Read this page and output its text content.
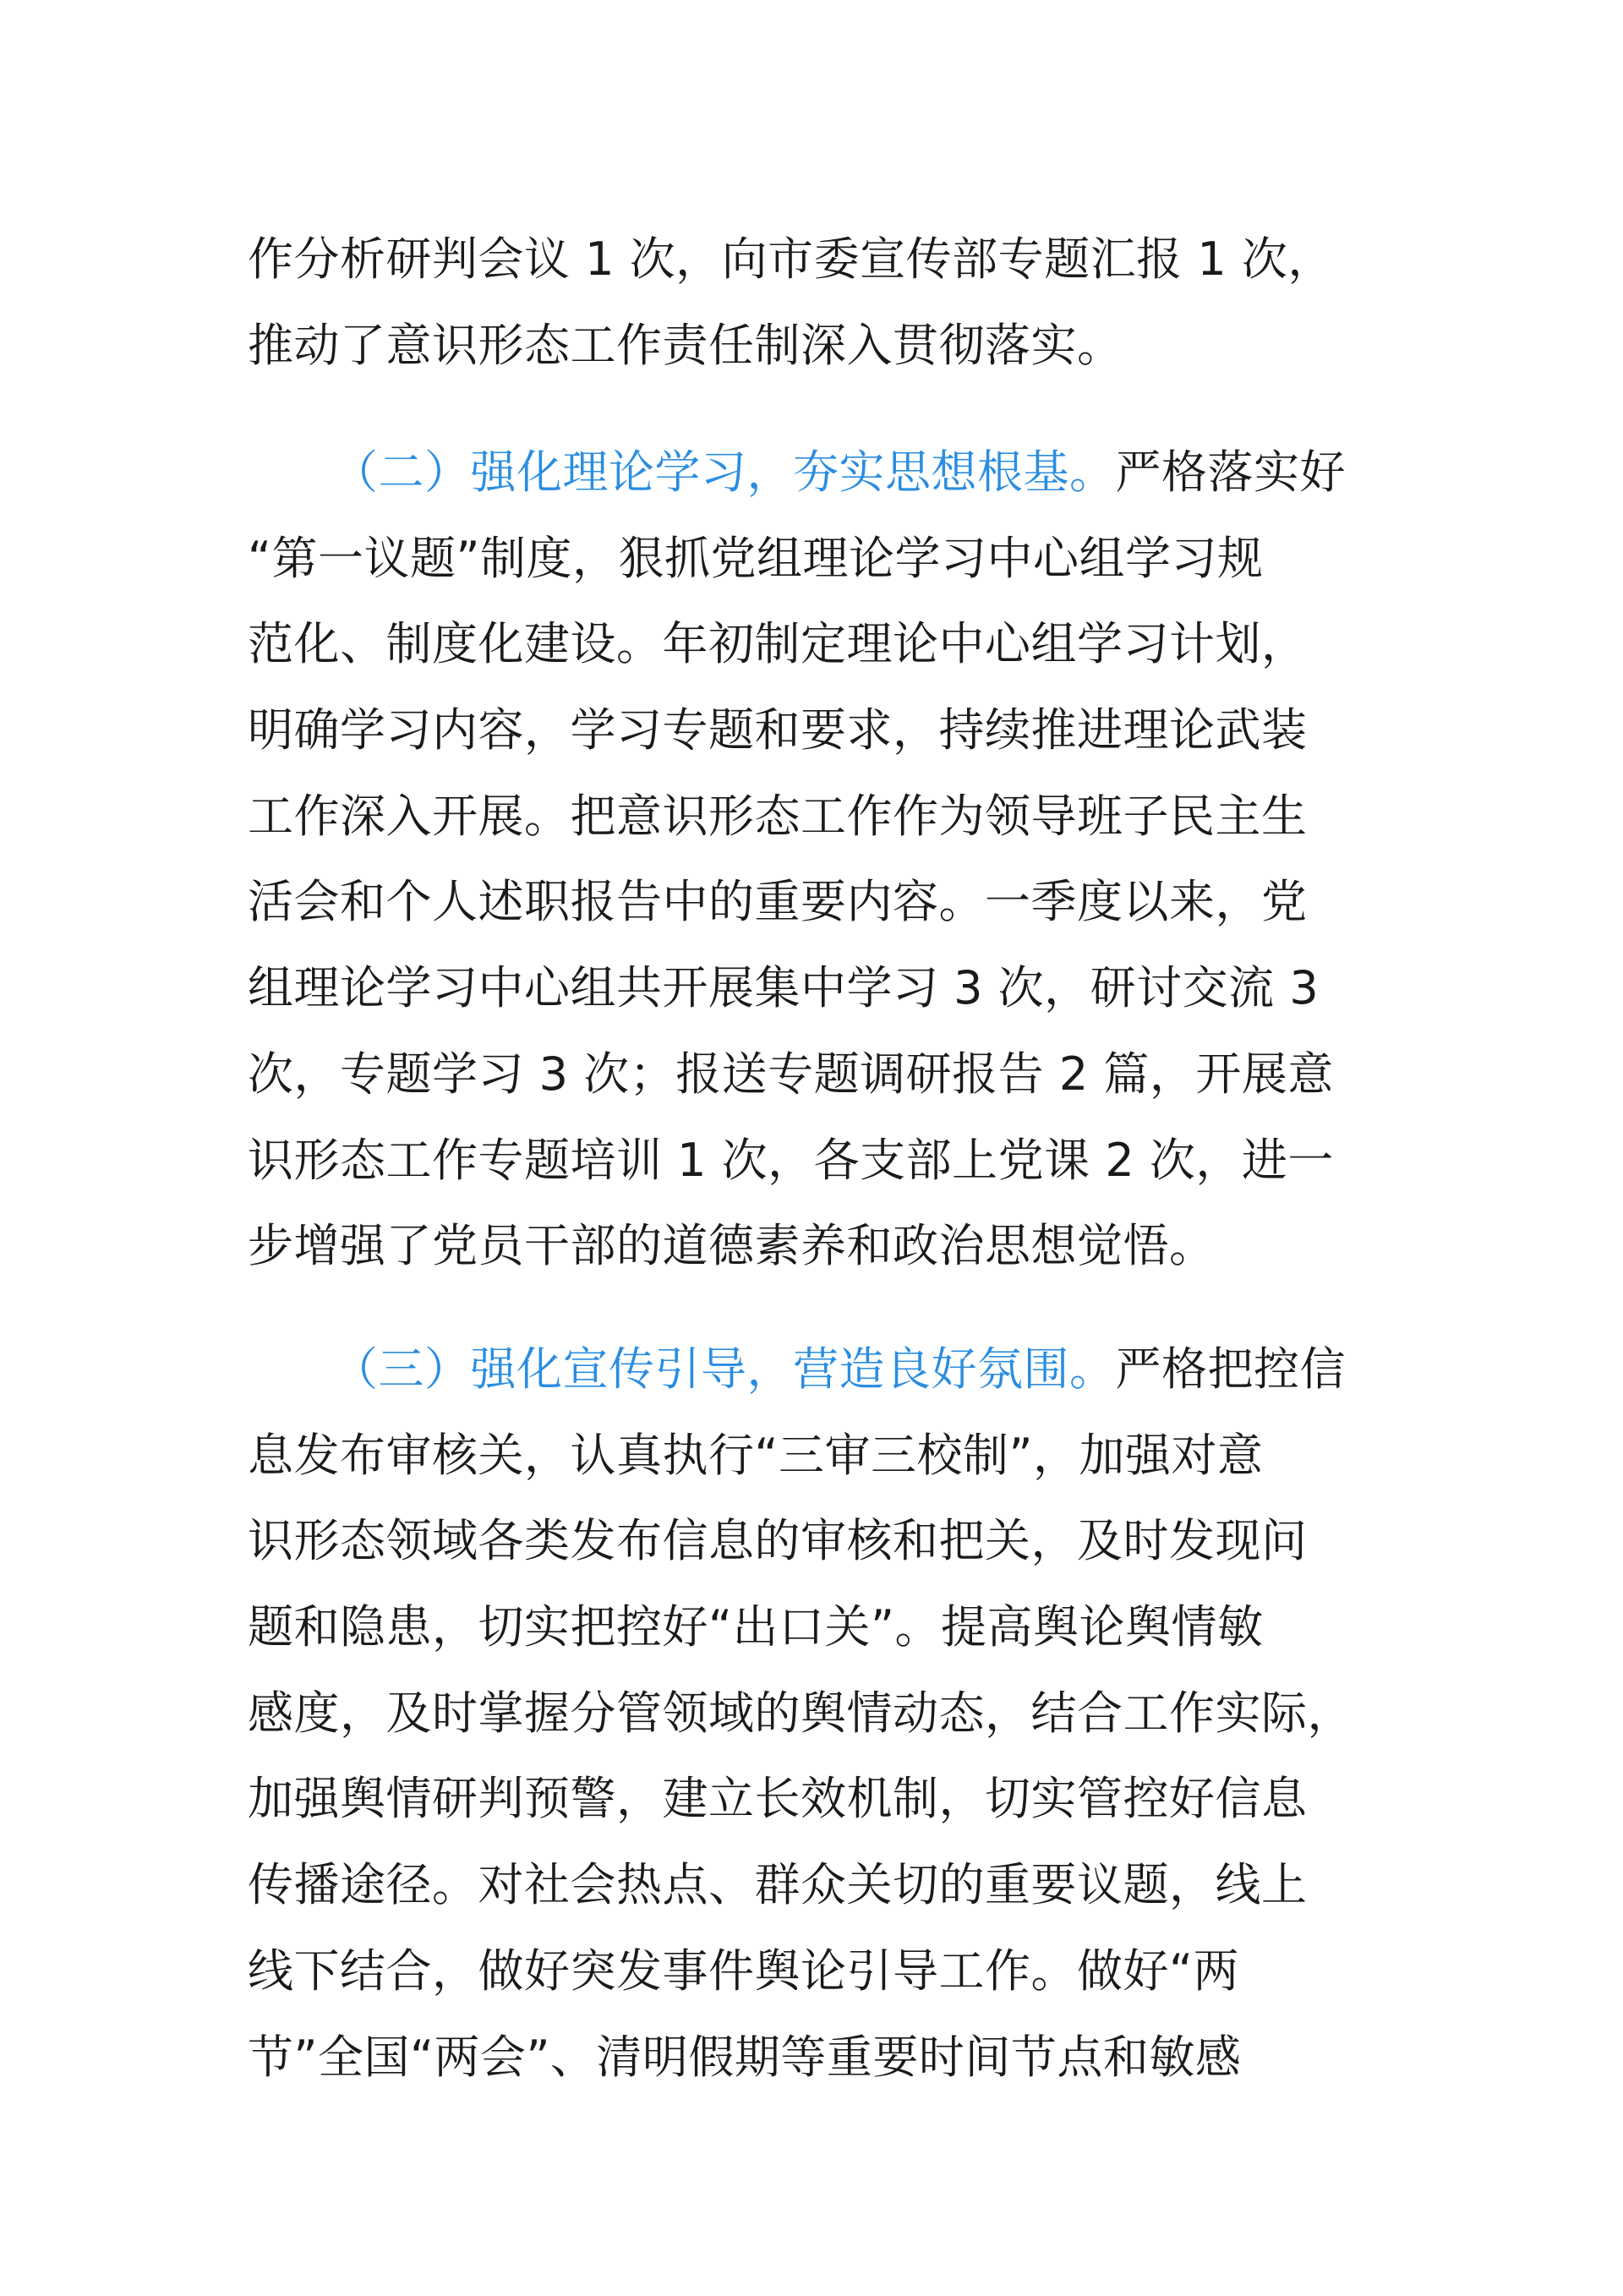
作分析研判会议 1 次，向市委宣传部专题汇报 1 次，
推动了意识形态工作责任制深入贯彻落实。
（二）强化理论学习，夯实思想根基。严格落实好
“第一议题”制度，狠抓党组理论学习中心组学习规
范化、制度化建设。年初制定理论中心组学习计划，
明确学习内容，学习专题和要求，持续推进理论武装
工作深入开展。把意识形态工作作为领导班子民主生
活会和个人述职报告中的重要内容。一季度以来，党
组理论学习中心组共开展集中学习 3 次，研讨交流 3
次，专题学习 3 次；报送专题调研报告 2 篇，开展意
识形态工作专题培训 1 次，各支部上党课 2 次，进一
步增强了党员干部的道德素养和政治思想觉悟。
（三）强化宣传引导，营造良好氛围。严格把控信
息发布审核关，认真执行“三审三校制”，加强对意
识形态领域各类发布信息的审核和把关，及时发现问
题和隐患，切实把控好“出口关”。提高舆论舆情敏
感度，及时掌握分管领域的舆情动态，结合工作实际，
加强舆情研判预警，建立长效机制，切实管控好信息
传播途径。对社会热点、群众关切的重要议题，线上
线下结合，做好突发事件舆论引导工作。做好“两
节”全国“两会”、清明假期等重要时间节点和敏感
